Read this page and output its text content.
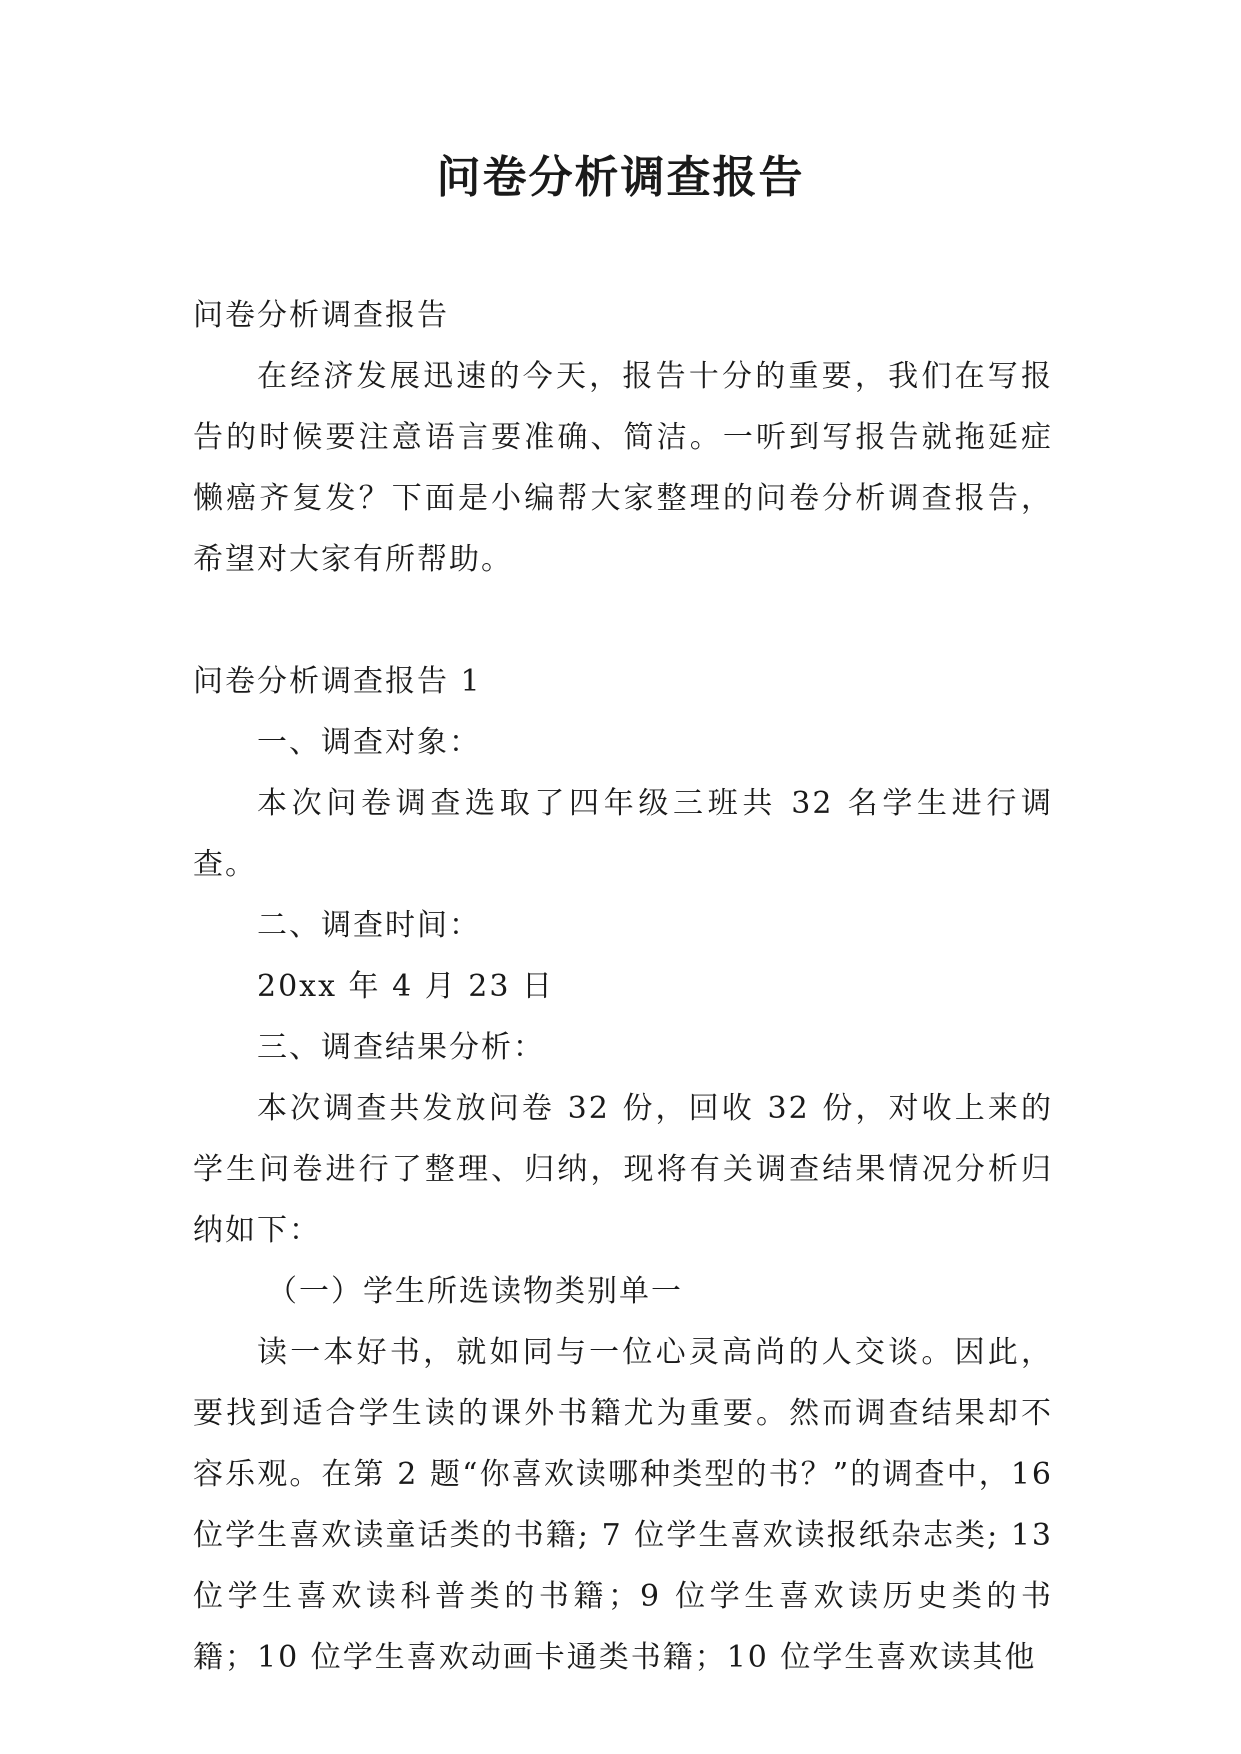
问卷分析调查报告

问卷分析调查报告

在经济发展迅速的今天，报告十分的重要，我们在写报告的时候要注意语言要准确、简洁。一听到写报告就拖延症懒癌齐复发？下面是小编帮大家整理的问卷分析调查报告，希望对大家有所帮助。

问卷分析调查报告 1

一、调查对象：

本次问卷调查选取了四年级三班共 32 名学生进行调查。

二、调查时间：

20xx 年 4 月 23 日

三、调查结果分析：

本次调查共发放问卷 32 份，回收 32 份，对收上来的学生问卷进行了整理、归纳，现将有关调查结果情况分析归纳如下：

（一）学生所选读物类别单一

读一本好书，就如同与一位心灵高尚的人交谈。因此，要找到适合学生读的课外书籍尤为重要。然而调查结果却不容乐观。在第 2 题“你喜欢读哪种类型的书？”的调查中，16 位学生喜欢读童话类的书籍; 7 位学生喜欢读报纸杂志类; 13 位学生喜欢读科普类的书籍；9 位学生喜欢读历史类的书籍；10 位学生喜欢动画卡通类书籍；10 位学生喜欢读其他
